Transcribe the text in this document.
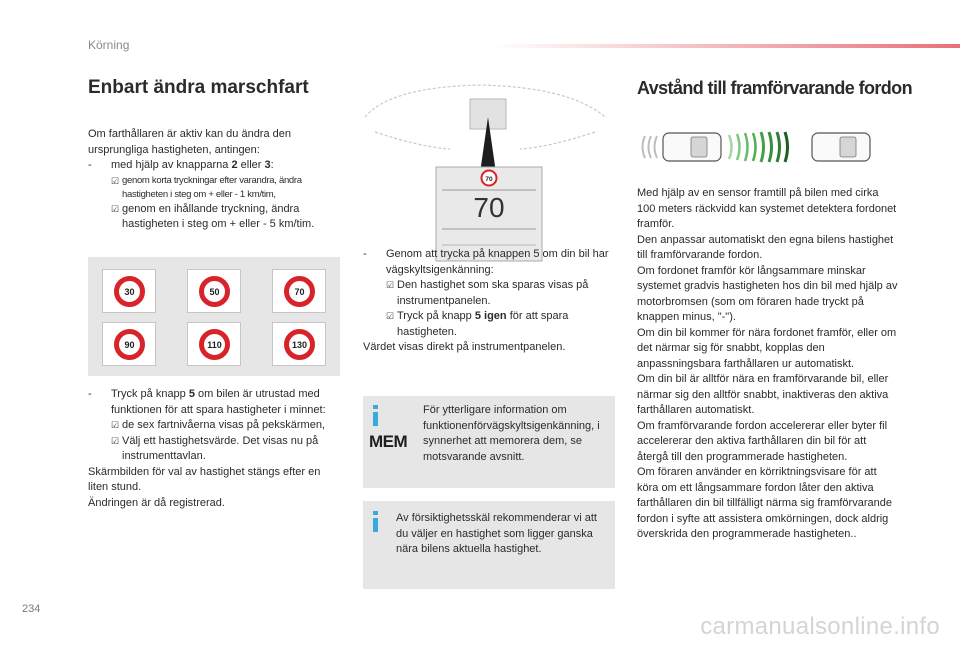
Körning
Enbart ändra marschfart

Om farthållaren är aktiv kan du ändra den ursprungliga hastigheten, antingen:

-	med hjälp av knapparna 2 eller 3:
☑ genom korta tryckningar efter varandra, ändra hastigheten i steg om + eller - 1 km/tim,
☑ genom en ihållande tryckning, ändra hastigheten i steg om + eller - 5 km/tim.
30	50	70
90	110	130
-	Tryck på knapp 5 om bilen är utrustad med funktionen för att spara hastigheter i minnet:
☑ de sex fartnivåerna visas på pekskärmen,
☑ Välj ett hastighetsvärde. Det visas nu på instrumenttavlan.

Skärmbilden för val av hastighet stängs efter en liten stund.

Ändringen är då registrerad.

70
70
-	Genom att trycka på knappen 5 om din bil har vägskyltsigenkänning:
☑ Den hastighet som ska sparas visas på instrumentpanelen.
☑ Tryck på knapp 5 igen för att spara hastigheten.

Värdet visas direkt på instrumentpanelen.

MEM
För ytterligare information om funktionenförvägskyltsigenkänning, i synnerhet att memorera dem, se motsvarande avsnitt.
Av försiktighetsskäl rekommenderar vi att du väljer en hastighet som ligger ganska nära bilens aktuella hastighet.
Avstånd till framförvarande fordon

Med hjälp av en sensor framtill på bilen med cirka 100 meters räckvidd kan systemet detektera fordonet framför.

Den anpassar automatiskt den egna bilens hastighet till framförvarande fordon.

Om fordonet framför kör långsammare minskar systemet gradvis hastigheten hos din bil med hjälp av motorbromsen (som om föraren hade tryckt på knappen minus, "-").

Om din bil kommer för nära fordonet framför, eller om det närmar sig för snabbt, kopplas den anpassningsbara farthållaren ur automatiskt.

Om din bil är alltför nära en framförvarande bil, eller närmar sig den alltför snabbt, inaktiveras den aktiva farthållaren automatiskt.

Om framförvarande fordon accelererar eller byter fil accelererar den aktiva farthållaren din bil för att återgå till den programmerade hastigheten.

Om föraren använder en körriktningsvisare för att köra om ett långsammare fordon låter den aktiva farthållaren din bil tillfälligt närma sig framförvarande fordon i syfte att assistera omkörningen, dock aldrig överskrida den programmerade hastigheten..

234
carmanualsonline.info
